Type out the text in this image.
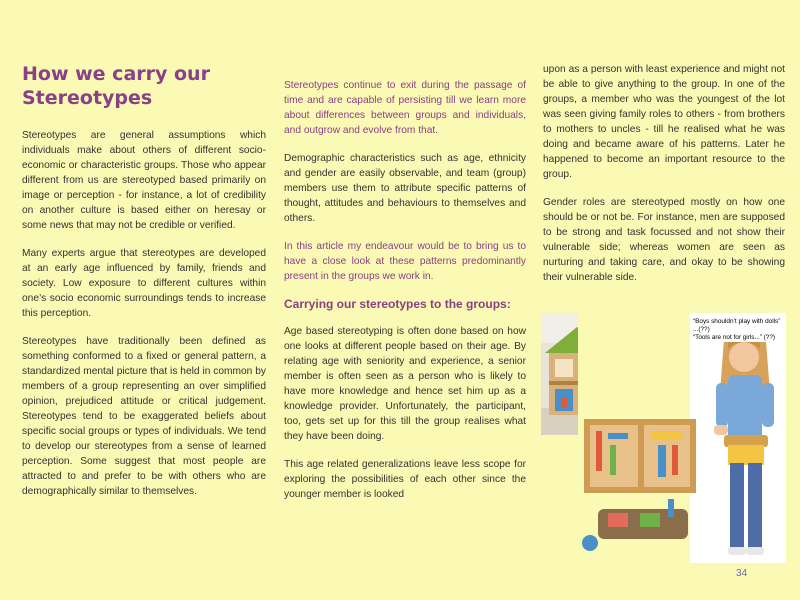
How we carry our Stereotypes

Stereotypes are general assumptions which individuals make about others of different socio-economic or characteristic groups. Those who appear different from us are stereotyped based primarily on image or perception - for instance, a lot of credibility on another culture is based either on heresay or some news that may not be credible or verified.

Many experts argue that stereotypes are developed at an early age influenced by family, friends and society. Low exposure to different cultures within one’s socio economic surroundings tends to increase this perception.

Stereotypes have traditionally been defined as something conformed to a fixed or general pattern, a standardized mental picture that is held in common by members of a group representing an over simplified opinion, prejudiced attitude or critical judgement. Stereotypes tend to be exaggerated beliefs about specific social groups or types of individuals. We tend to develop our stereotypes from a sense of learned perception. Some suggest that most people are attracted to and prefer to be with others who are demographically similar to themselves.

Stereotypes continue to exit during the passage of time and are capable of persisting till we learn more about differences between groups and individuals, and outgrow and evolve from that.

Demographic characteristics such as age, ethnicity and gender are easily observable, and team (group) members use them to attribute specific patterns of thought, attitudes and behaviours to themselves and others.

In this article my endeavour would be to bring us to have a close look at these patterns predominantly present in the groups we work in.

Carrying our stereotypes to the groups:

Age based stereotyping is often done based on how one looks at different people based on their age. By relating age with seniority and experience, a senior member is often seen as a person who is likely to have more knowledge and hence set him up as a knowledge provider. Unfortunately, the participant, too, gets set up for this till the group realises what they have been doing.

This age related generalizations leave less scope for exploring the possibilities of each other since the younger member is looked

upon as a person with least experience and might not be able to give anything to the group. In one of the groups, a member who was the youngest of the lot was seen giving family roles to others - from brothers to mothers to uncles - till he realised what he was doing and became aware of his patterns. Later he happened to become an important resource to the group.

Gender roles are stereotyped mostly on how one should be or not be. For instance, men are supposed to be strong and task focussed and not show their vulnerable side; whereas women are seen as nurturing and taking care, and okay to be showing their vulnerable side.

“Boys shouldn’t play with dolls” ...(??)
“Tools are not for girls...” (??)
34
